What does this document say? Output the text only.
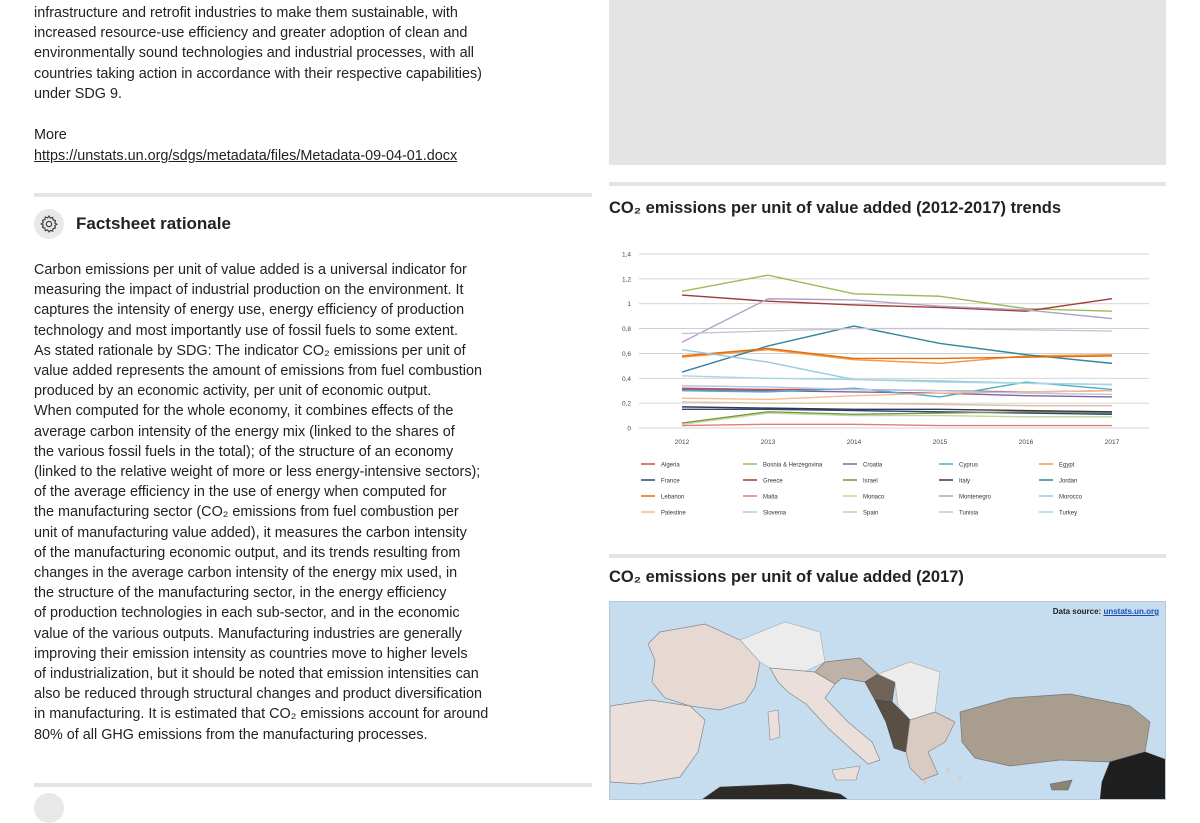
infrastructure and retrofit industries to make them sustainable, with

increased resource-use efficiency and greater adoption of clean and

environmentally sound technologies and industrial processes, with all

countries taking action in accordance with their respective capabilities)

under SDG 9.

More
https://unstats.un.org/sdgs/metadata/files/Metadata-09-04-01.docx
Factsheet rationale

Carbon emissions per unit of value added is a universal indicator for

measuring the impact of industrial production on the environment. It

captures the intensity of energy use, energy efficiency of production

technology and most importantly use of fossil fuels to some extent.

As stated rationale by SDG: The indicator CO₂ emissions per unit of

value added represents the amount of emissions from fuel combustion

produced by an economic activity, per unit of economic output.

When computed for the whole economy, it combines effects of the

average carbon intensity of the energy mix (linked to the shares of

the various fossil fuels in the total); of the structure of an economy

(linked to the relative weight of more or less energy-intensive sectors);

of the average efficiency in the use of energy when computed for

the manufacturing sector (CO₂ emissions from fuel combustion per

unit of manufacturing value added), it measures the carbon intensity

of the manufacturing economic output, and its trends resulting from

changes in the average carbon intensity of the energy mix used, in

the structure of the manufacturing sector, in the energy efficiency

of production technologies in each sub-sector, and in the economic

value of the various outputs. Manufacturing industries are generally

improving their emission intensity as countries move to higher levels

of industrialization, but it should be noted that emission intensities can

also be reduced through structural changes and product diversification

in manufacturing. It is estimated that CO₂ emissions account for around

80% of all GHG emissions from the manufacturing processes.

CO₂ emissions per unit of value added (2012-2017) trends
0
0,2
0,4
0,6
0,8
1
1,2
1,4
2012	2013	2014	2015	2016	2017
Algeria	Bosnia & Herzegovina	Croatia	Cyprus	Egypt
France	Greece	Israel	Italy	Jordan
Lebanon	Malta	Monaco	Montenegro	Morocco
Palestine	Slovenia	Spain	Tunisia	Turkey
CO₂ emissions per unit of value added (2017)
Data source: unstats.un.org
